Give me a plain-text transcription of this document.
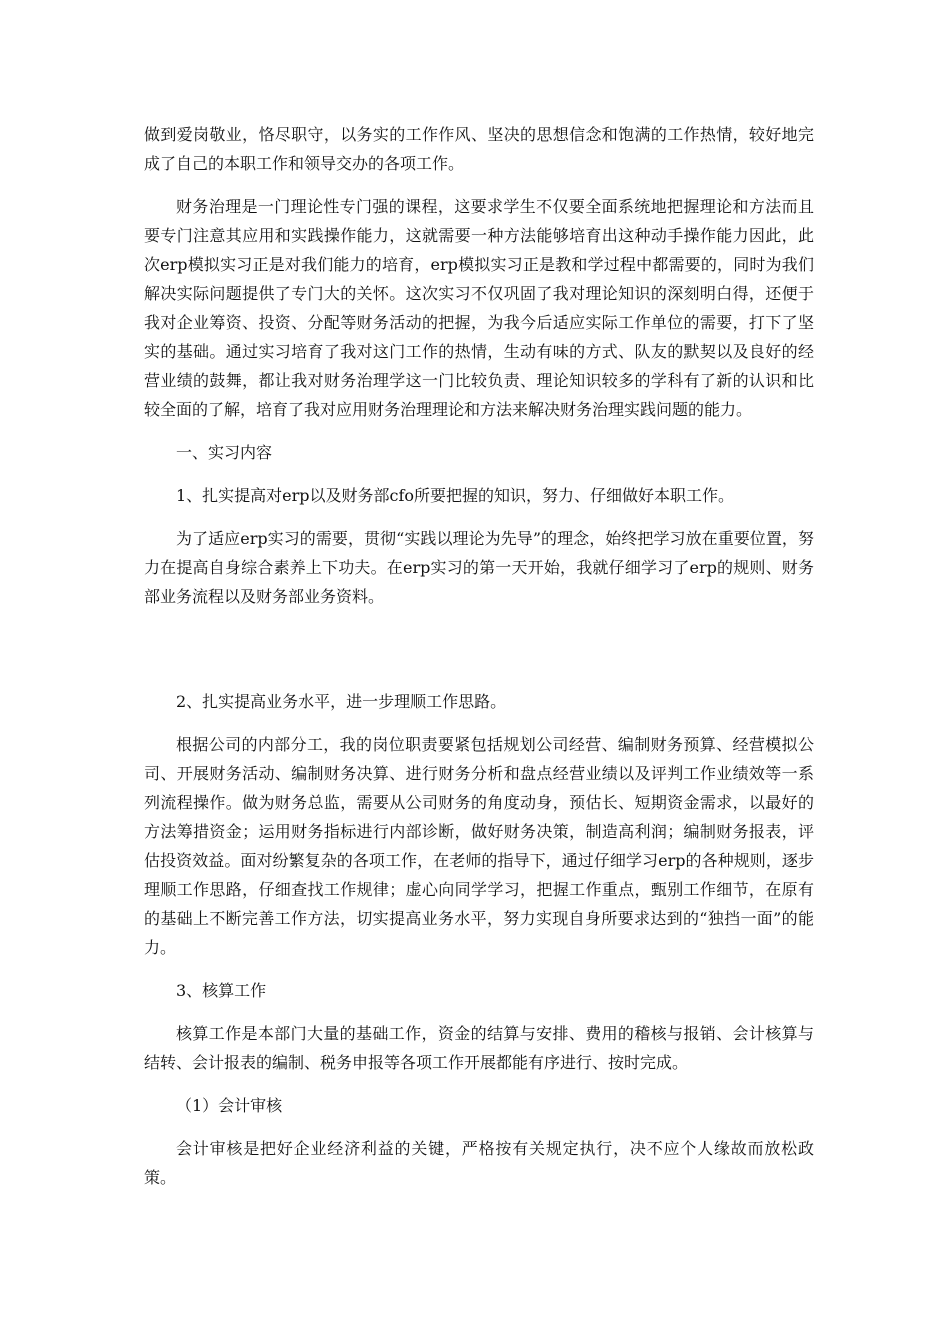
做到爱岗敬业，恪尽职守，以务实的工作作风、坚决的思想信念和饱满的工作热情，较好地完成了自己的本职工作和领导交办的各项工作。

财务治理是一门理论性专门强的课程，这要求学生不仅要全面系统地把握理论和方法而且要专门注意其应用和实践操作能力，这就需要一种方法能够培育出这种动手操作能力因此，此次erp模拟实习正是对我们能力的培育，erp模拟实习正是教和学过程中都需要的，同时为我们解决实际问题提供了专门大的关怀。这次实习不仅巩固了我对理论知识的深刻明白得，还便于我对企业筹资、投资、分配等财务活动的把握，为我今后适应实际工作单位的需要，打下了坚实的基础。通过实习培育了我对这门工作的热情，生动有味的方式、队友的默契以及良好的经营业绩的鼓舞，都让我对财务治理学这一门比较负责、理论知识较多的学科有了新的认识和比较全面的了解，培育了我对应用财务治理理论和方法来解决财务治理实践问题的能力。

一、实习内容

1、扎实提高对erp以及财务部cfo所要把握的知识，努力、仔细做好本职工作。

为了适应erp实习的需要，贯彻“实践以理论为先导”的理念，始终把学习放在重要位置，努力在提高自身综合素养上下功夫。在erp实习的第一天开始，我就仔细学习了erp的规则、财务部业务流程以及财务部业务资料。

2、扎实提高业务水平，进一步理顺工作思路。

根据公司的内部分工，我的岗位职责要紧包括规划公司经营、编制财务预算、经营模拟公司、开展财务活动、编制财务决算、进行财务分析和盘点经营业绩以及评判工作业绩效等一系列流程操作。做为财务总监，需要从公司财务的角度动身，预估长、短期资金需求，以最好的方法筹措资金；运用财务指标进行内部诊断，做好财务决策，制造高利润；编制财务报表，评估投资效益。面对纷繁复杂的各项工作，在老师的指导下，通过仔细学习erp的各种规则，逐步理顺工作思路，仔细查找工作规律；虚心向同学学习，把握工作重点，甄别工作细节，在原有的基础上不断完善工作方法，切实提高业务水平，努力实现自身所要求达到的“独挡一面”的能力。

3、核算工作

核算工作是本部门大量的基础工作，资金的结算与安排、费用的稽核与报销、会计核算与结转、会计报表的编制、税务申报等各项工作开展都能有序进行、按时完成。

（1）会计审核

会计审核是把好企业经济利益的关键，严格按有关规定执行，决不应个人缘故而放松政策。
